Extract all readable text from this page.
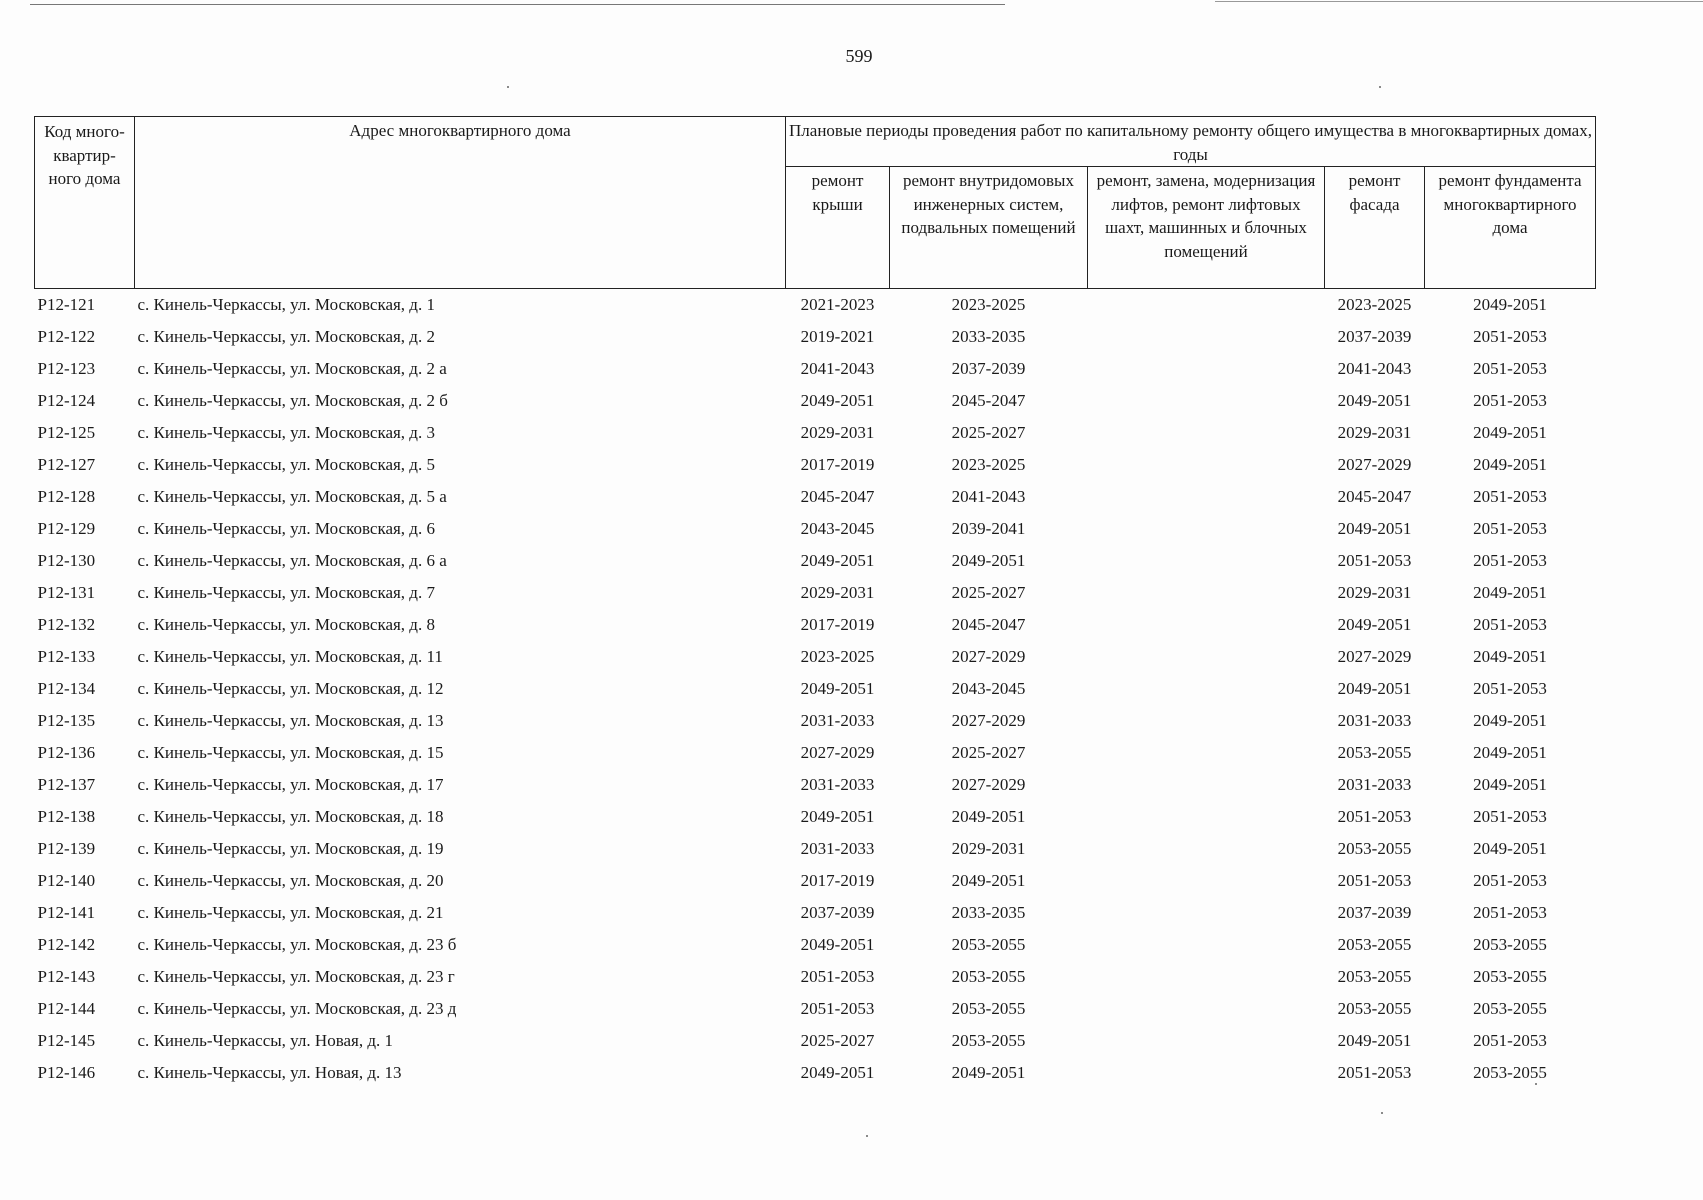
599
Код много-квартир-ного дома	Адрес многоквартирного дома	Плановые периоды проведения работ по капитальному ремонту общего имущества в многоквартирных домах, годы				
		ремонт крыши	ремонт внутридомовых инженерных систем, подвальных помещений	ремонт, замена, модернизация лифтов, ремонт лифтовых шахт, машинных и блочных помещений	ремонт фасада	ремонт фундамента многоквартирного дома
P12-121	с. Кинель-Черкассы, ул. Московская, д. 1	2021-2023	2023-2025		2023-2025	2049-2051
P12-122	с. Кинель-Черкассы, ул. Московская, д. 2	2019-2021	2033-2035		2037-2039	2051-2053
P12-123	с. Кинель-Черкассы, ул. Московская, д. 2 а	2041-2043	2037-2039		2041-2043	2051-2053
P12-124	с. Кинель-Черкассы, ул. Московская, д. 2 б	2049-2051	2045-2047		2049-2051	2051-2053
P12-125	с. Кинель-Черкассы, ул. Московская, д. 3	2029-2031	2025-2027		2029-2031	2049-2051
P12-127	с. Кинель-Черкассы, ул. Московская, д. 5	2017-2019	2023-2025		2027-2029	2049-2051
P12-128	с. Кинель-Черкассы, ул. Московская, д. 5 а	2045-2047	2041-2043		2045-2047	2051-2053
P12-129	с. Кинель-Черкассы, ул. Московская, д. 6	2043-2045	2039-2041		2049-2051	2051-2053
P12-130	с. Кинель-Черкассы, ул. Московская, д. 6 а	2049-2051	2049-2051		2051-2053	2051-2053
P12-131	с. Кинель-Черкассы, ул. Московская, д. 7	2029-2031	2025-2027		2029-2031	2049-2051
P12-132	с. Кинель-Черкассы, ул. Московская, д. 8	2017-2019	2045-2047		2049-2051	2051-2053
P12-133	с. Кинель-Черкассы, ул. Московская, д. 11	2023-2025	2027-2029		2027-2029	2049-2051
P12-134	с. Кинель-Черкассы, ул. Московская, д. 12	2049-2051	2043-2045		2049-2051	2051-2053
P12-135	с. Кинель-Черкассы, ул. Московская, д. 13	2031-2033	2027-2029		2031-2033	2049-2051
P12-136	с. Кинель-Черкассы, ул. Московская, д. 15	2027-2029	2025-2027		2053-2055	2049-2051
P12-137	с. Кинель-Черкассы, ул. Московская, д. 17	2031-2033	2027-2029		2031-2033	2049-2051
P12-138	с. Кинель-Черкассы, ул. Московская, д. 18	2049-2051	2049-2051		2051-2053	2051-2053
P12-139	с. Кинель-Черкассы, ул. Московская, д. 19	2031-2033	2029-2031		2053-2055	2049-2051
P12-140	с. Кинель-Черкассы, ул. Московская, д. 20	2017-2019	2049-2051		2051-2053	2051-2053
P12-141	с. Кинель-Черкассы, ул. Московская, д. 21	2037-2039	2033-2035		2037-2039	2051-2053
P12-142	с. Кинель-Черкассы, ул. Московская, д. 23 б	2049-2051	2053-2055		2053-2055	2053-2055
P12-143	с. Кинель-Черкассы, ул. Московская, д. 23 г	2051-2053	2053-2055		2053-2055	2053-2055
P12-144	с. Кинель-Черкассы, ул. Московская, д. 23 д	2051-2053	2053-2055		2053-2055	2053-2055
P12-145	с. Кинель-Черкассы, ул. Новая, д. 1	2025-2027	2053-2055		2049-2051	2051-2053
P12-146	с. Кинель-Черкассы, ул. Новая, д. 13	2049-2051	2049-2051		2051-2053	2053-2055
